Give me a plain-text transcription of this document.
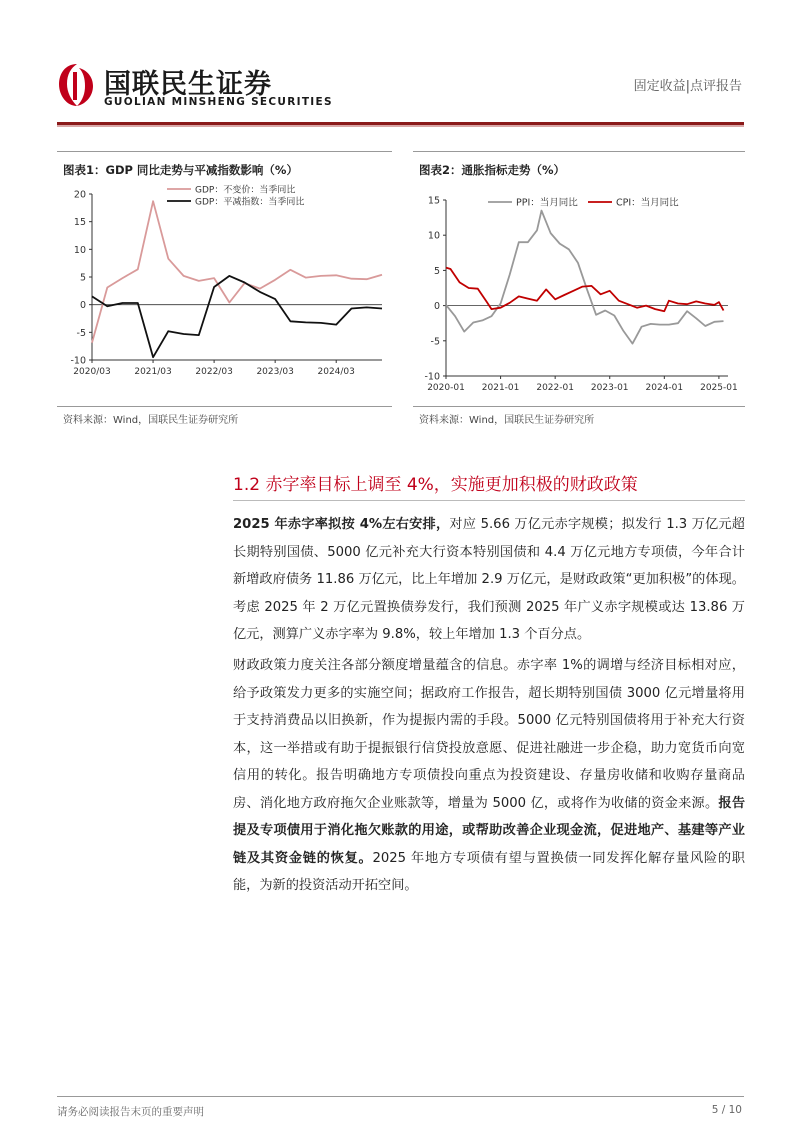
国联民生证券
GUOLIAN MINSHENG SECURITIES
固定收益|点评报告
图表1：GDP 同比走势与平减指数影响（%）
20
15
10
5
0
-5
-10
2020/03	2021/03	2022/03	2023/03	2024/03
GDP：不变价：当季同比
GDP：平减指数：当季同比
资料来源：Wind，国联民生证券研究所
图表2：通胀指标走势（%）
15
10
5
0
-5
-10
2020-01 2021-01 2022-01 2023-01 2024-01 2025-01
PPI：当月同比	CPI：当月同比
资料来源：Wind，国联民生证券研究所
1.2 赤字率目标上调至 4%，实施更加积极的财政政策
2025 年赤字率拟按 4%左右安排，对应 5.66 万亿元赤字规模；拟发行 1.3 万亿元超长期特别国债、5000 亿元补充大行资本特别国债和 4.4 万亿元地方专项债，今年合计新增政府债务 11.86 万亿元，比上年增加 2.9 万亿元，是财政政策“更加积极”的体现。考虑 2025 年 2 万亿元置换债券发行，我们预测 2025 年广义赤字规模或达 13.86 万亿元，测算广义赤字率为 9.8%，较上年增加 1.3 个百分点。
财政政策力度关注各部分额度增量蕴含的信息。赤字率 1%的调增与经济目标相对应，给予政策发力更多的实施空间；据政府工作报告，超长期特别国债 3000 亿元增量将用于支持消费品以旧换新，作为提振内需的手段。5000 亿元特别国债将用于补充大行资本，这一举措或有助于提振银行信贷投放意愿、促进社融进一步企稳，助力宽货币向宽信用的转化。报告明确地方专项债投向重点为投资建设、存量房收储和收购存量商品房、消化地方政府拖欠企业账款等，增量为 5000 亿，或将作为收储的资金来源。报告提及专项债用于消化拖欠账款的用途，或帮助改善企业现金流，促进地产、基建等产业链及其资金链的恢复。2025 年地方专项债有望与置换债一同发挥化解存量风险的职能，为新的投资活动开拓空间。
请务必阅读报告末页的重要声明	5 / 10
